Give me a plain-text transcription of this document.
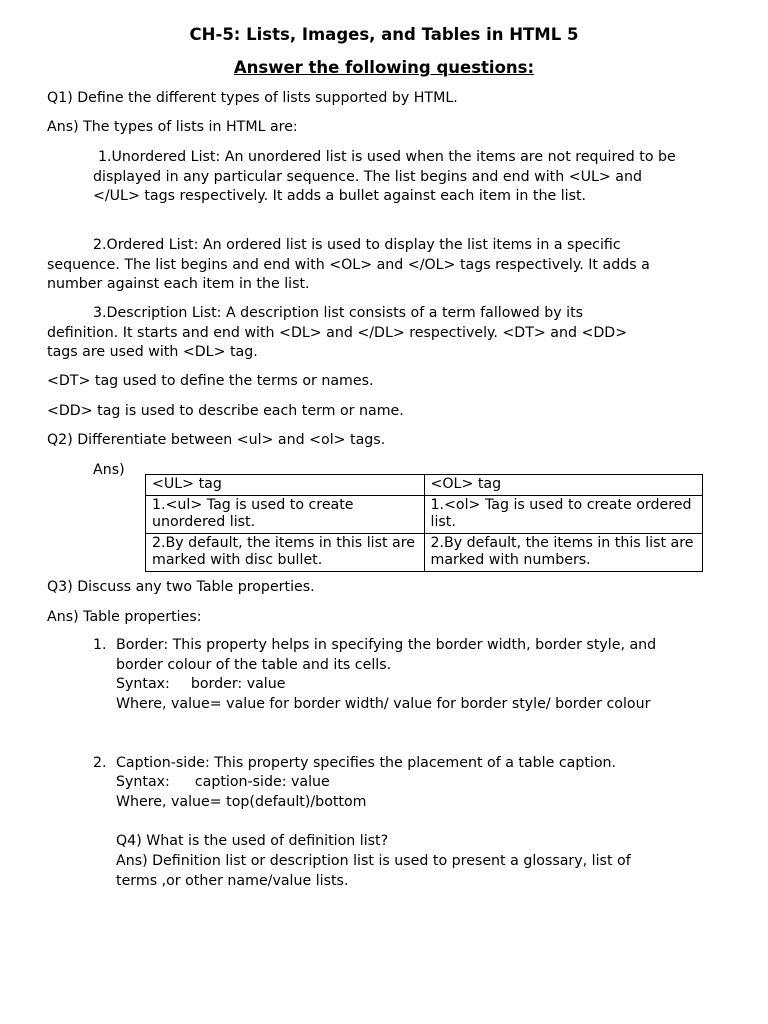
CH-5: Lists, Images, and Tables in HTML 5
Answer the following questions:
Q1) Define the different types of lists supported by HTML.
Ans) The types of lists in HTML are:
1.Unordered List: An unordered list is used when the items are not required to be displayed in any particular sequence. The list begins and end with <UL> and </UL> tags respectively. It adds a bullet against each item in the list.
2.Ordered List: An ordered list is used to display the list items in a specific sequence. The list begins and end with <OL> and </OL> tags respectively. It adds a number against each item in the list.
3.Description List: A description list consists of a term fallowed by its definition. It starts and end with <DL> and </DL> respectively. <DT> and <DD> tags are used with <DL> tag.
<DT> tag used to define the terms or names.
<DD> tag is used to describe each term or name.
Q2) Differentiate between <ul> and <ol> tags.
Ans)
<UL> tag	<OL> tag
1.<ul> Tag is used to create unordered list.	1.<ol> Tag is used to create ordered list.
2.By default, the items in this list are marked with disc bullet.	2.By default, the items in this list are marked with numbers.
Q3) Discuss any two Table properties.
Ans) Table properties:
1. Border: This property helps in specifying the border width, border style, and border colour of the table and its cells.
Syntax: border: value
Where, value= value for border width/ value for border style/ border colour
2. Caption-side: This property specifies the placement of a table caption.
Syntax: caption-side: value
Where, value= top(default)/bottom
Q4) What is the used of definition list?
Ans) Definition list or description list is used to present a glossary, list of terms ,or other name/value lists.
